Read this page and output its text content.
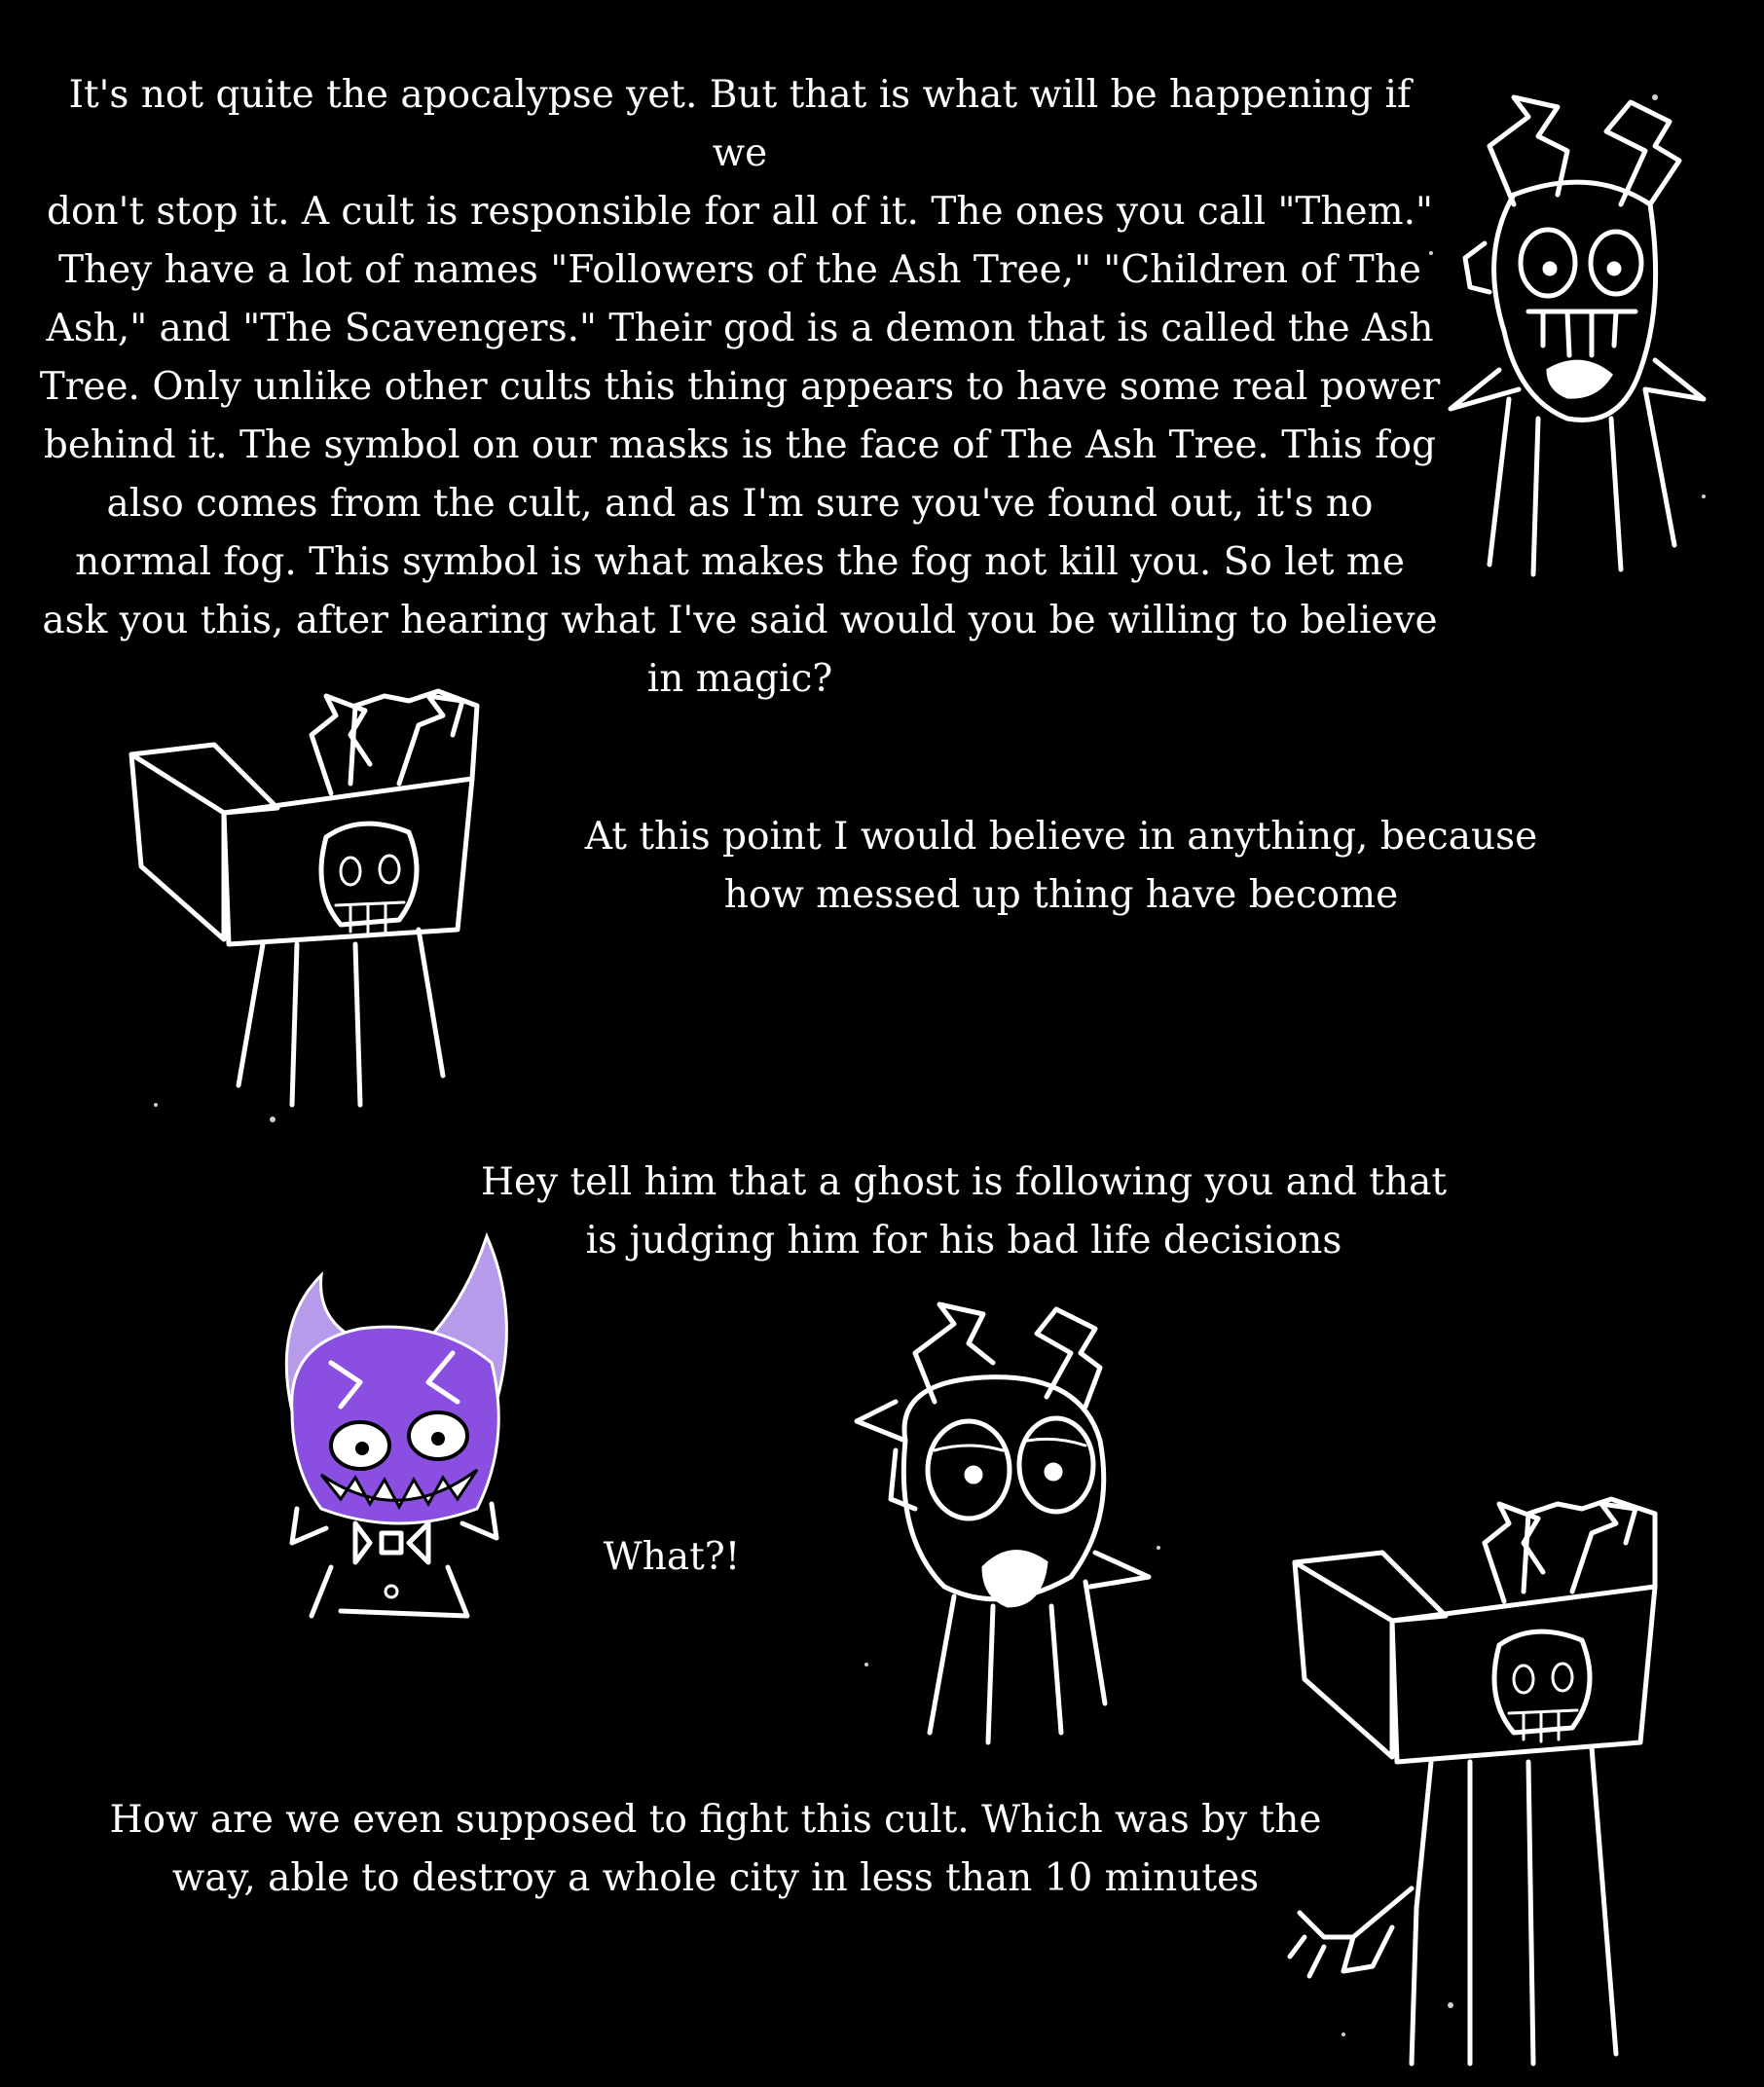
It's not quite the apocalypse yet. But that is what will be happening if we
don't stop it. A cult is responsible for all of it. The ones you call "Them."
They have a lot of names "Followers of the Ash Tree," "Children of The
Ash," and "The Scavengers." Their god is a demon that is called the Ash
Tree. Only unlike other cults this thing appears to have some real power
behind it. The symbol on our masks is the face of The Ash Tree. This fog
also comes from the cult, and as I'm sure you've found out, it's no
normal fog. This symbol is what makes the fog not kill you. So let me
ask you this, after hearing what I've said would you be willing to believe
in magic?

At this point I would believe in anything, because
how messed up thing have become

Hey tell him that a ghost is following you and that
is judging him for his bad life decisions

What?!

How are we even supposed to fight this cult. Which was by the
way, able to destroy a whole city in less than 10 minutes
